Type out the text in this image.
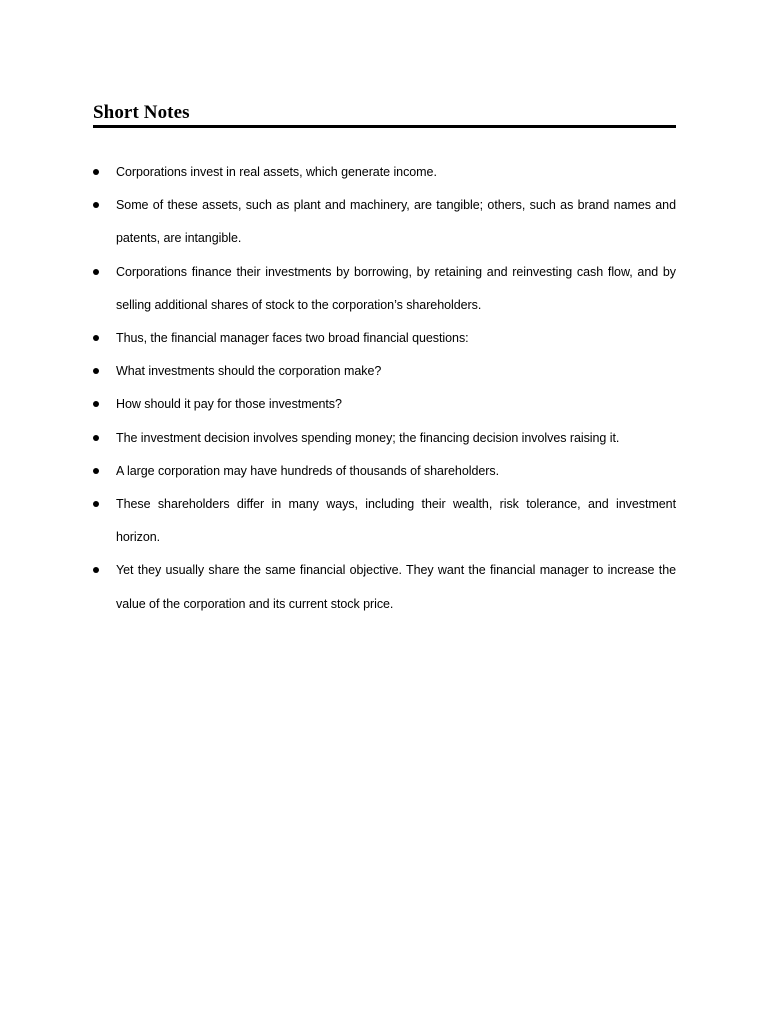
Short Notes
Corporations invest in real assets, which generate income.
Some of these assets, such as plant and machinery, are tangible; others, such as brand names and patents, are intangible.
Corporations finance their investments by borrowing, by retaining and reinvesting cash flow, and by selling additional shares of stock to the corporation’s shareholders.
Thus, the financial manager faces two broad financial questions:
What investments should the corporation make?
How should it pay for those investments?
The investment decision involves spending money; the financing decision involves raising it.
A large corporation may have hundreds of thousands of shareholders.
These shareholders differ in many ways, including their wealth, risk tolerance, and investment horizon.
Yet they usually share the same financial objective. They want the financial manager to increase the value of the corporation and its current stock price.
